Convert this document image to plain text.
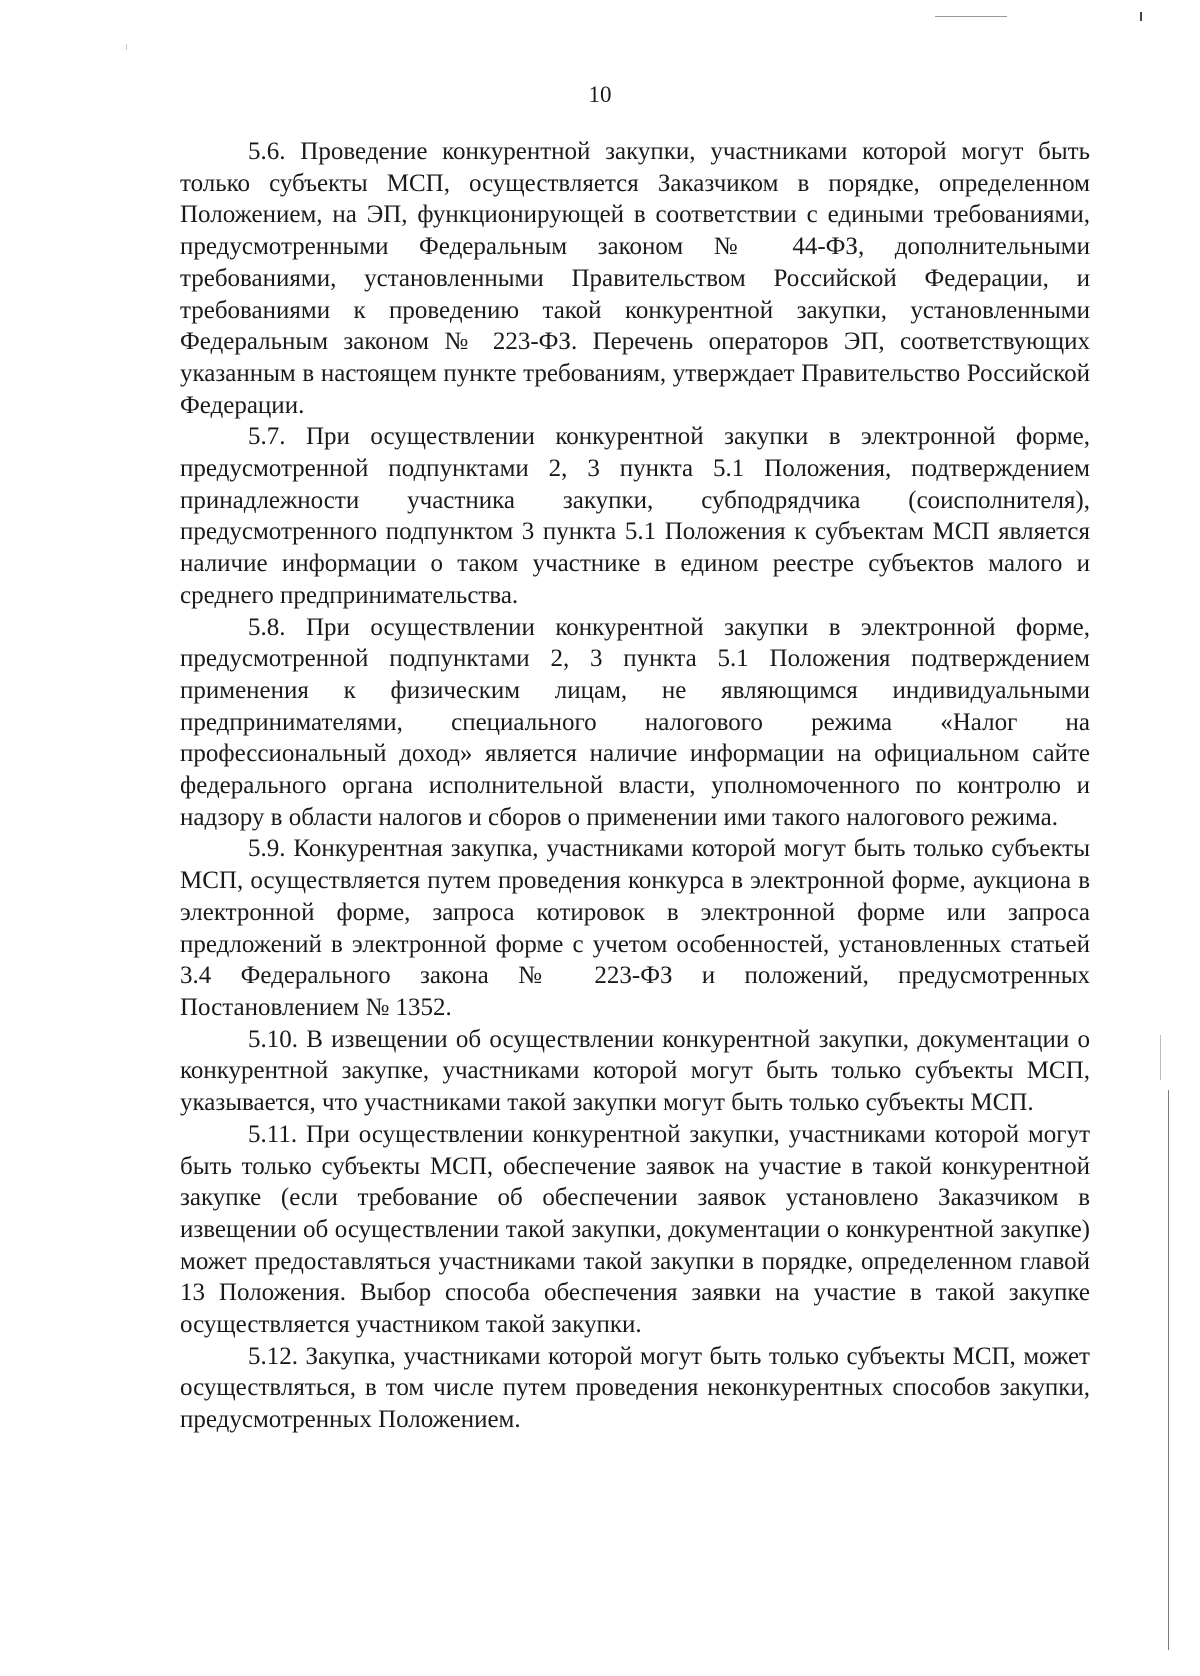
10

5.6. Проведение конкурентной закупки, участниками которой могут быть только субъекты МСП, осуществляется Заказчиком в порядке, определенном Положением, на ЭП, функционирующей в соответствии с едиными требованиями, предусмотренными Федеральным законом № 44-ФЗ, дополнительными требованиями, установленными Правительством Российской Федерации, и требованиями к проведению такой конкурентной закупки, установленными Федеральным законом № 223-ФЗ. Перечень операторов ЭП, соответствующих указанным в настоящем пункте требованиям, утверждает Правительство Российской Федерации.

5.7. При осуществлении конкурентной закупки в электронной форме, предусмотренной подпунктами 2, 3 пункта 5.1 Положения, подтверждением принадлежности участника закупки, субподрядчика (соисполнителя), предусмотренного подпунктом 3 пункта 5.1 Положения к субъектам МСП является наличие информации о таком участнике в едином реестре субъектов малого и среднего предпринимательства.

5.8. При осуществлении конкурентной закупки в электронной форме, предусмотренной подпунктами 2, 3 пункта 5.1 Положения подтверждением применения к физическим лицам, не являющимся индивидуальными предпринимателями, специального налогового режима «Налог на профессиональный доход» является наличие информации на официальном сайте федерального органа исполнительной власти, уполномоченного по контролю и надзору в области налогов и сборов о применении ими такого налогового режима.

5.9. Конкурентная закупка, участниками которой могут быть только субъекты МСП, осуществляется путем проведения конкурса в электронной форме, аукциона в электронной форме, запроса котировок в электронной форме или запроса предложений в электронной форме с учетом особенностей, установленных статьей 3.4 Федерального закона № 223-ФЗ и положений, предусмотренных Постановлением № 1352.

5.10. В извещении об осуществлении конкурентной закупки, документации о конкурентной закупке, участниками которой могут быть только субъекты МСП, указывается, что участниками такой закупки могут быть только субъекты МСП.

5.11. При осуществлении конкурентной закупки, участниками которой могут быть только субъекты МСП, обеспечение заявок на участие в такой конкурентной закупке (если требование об обеспечении заявок установлено Заказчиком в извещении об осуществлении такой закупки, документации о конкурентной закупке) может предоставляться участниками такой закупки в порядке, определенном главой 13 Положения. Выбор способа обеспечения заявки на участие в такой закупке осуществляется участником такой закупки.

5.12. Закупка, участниками которой могут быть только субъекты МСП, может осуществляться, в том числе путем проведения неконкурентных способов закупки, предусмотренных Положением.
